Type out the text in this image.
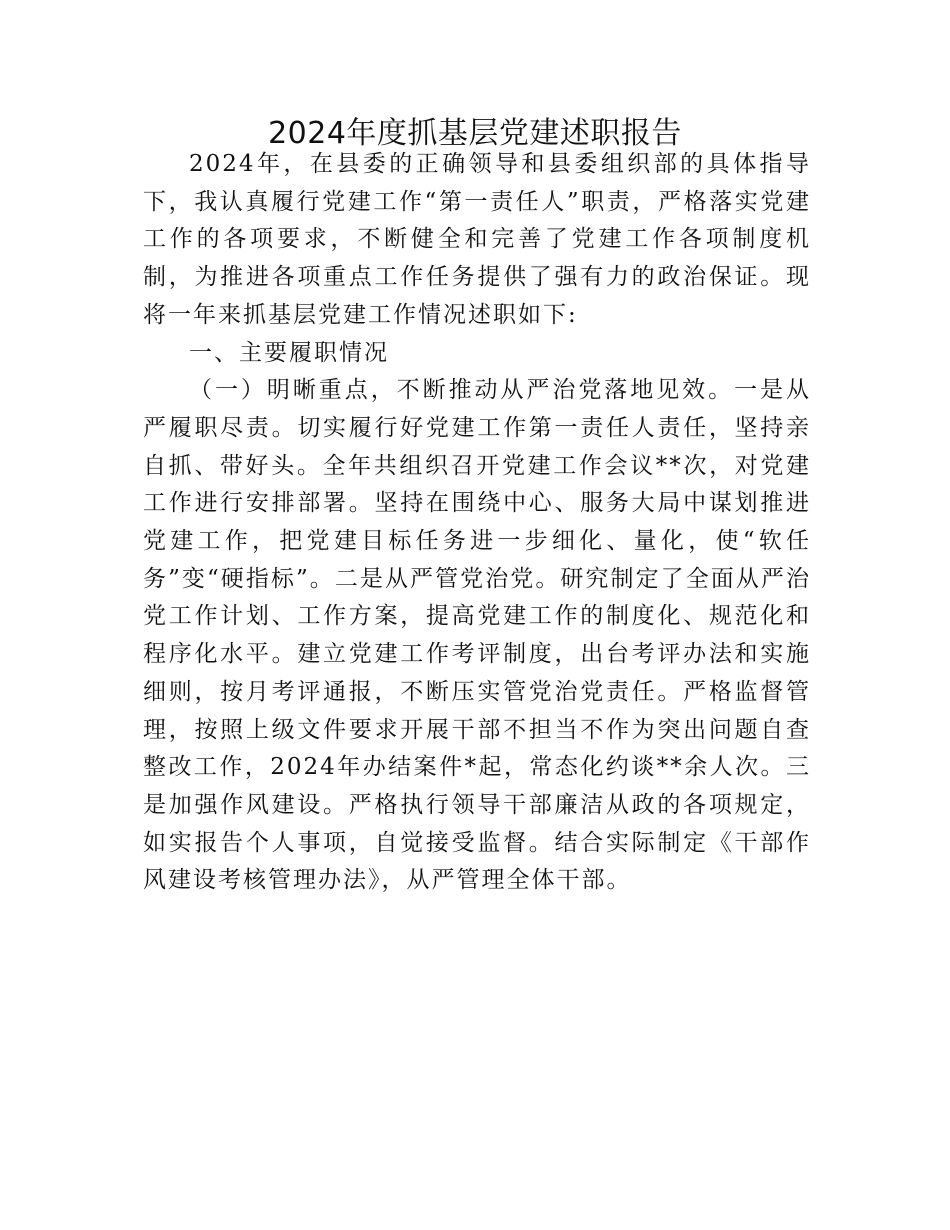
2024年度抓基层党建述职报告

2024年，在县委的正确领导和县委组织部的具体指导下，我认真履行党建工作“第一责任人”职责，严格落实党建工作的各项要求，不断健全和完善了党建工作各项制度机制，为推进各项重点工作任务提供了强有力的政治保证。现将一年来抓基层党建工作情况述职如下:

一、主要履职情况

（一）明晰重点，不断推动从严治党落地见效。一是从严履职尽责。切实履行好党建工作第一责任人责任，坚持亲自抓、带好头。全年共组织召开党建工作会议**次，对党建工作进行安排部署。坚持在围绕中心、服务大局中谋划推进党建工作，把党建目标任务进一步细化、量化，使“软任务”变“硬指标”。二是从严管党治党。研究制定了全面从严治党工作计划、工作方案，提高党建工作的制度化、规范化和程序化水平。建立党建工作考评制度，出台考评办法和实施细则，按月考评通报，不断压实管党治党责任。严格监督管理，按照上级文件要求开展干部不担当不作为突出问题自查整改工作，2024年办结案件*起，常态化约谈**余人次。三是加强作风建设。严格执行领导干部廉洁从政的各项规定，如实报告个人事项，自觉接受监督。结合实际制定《干部作风建设考核管理办法》，从严管理全体干部。
